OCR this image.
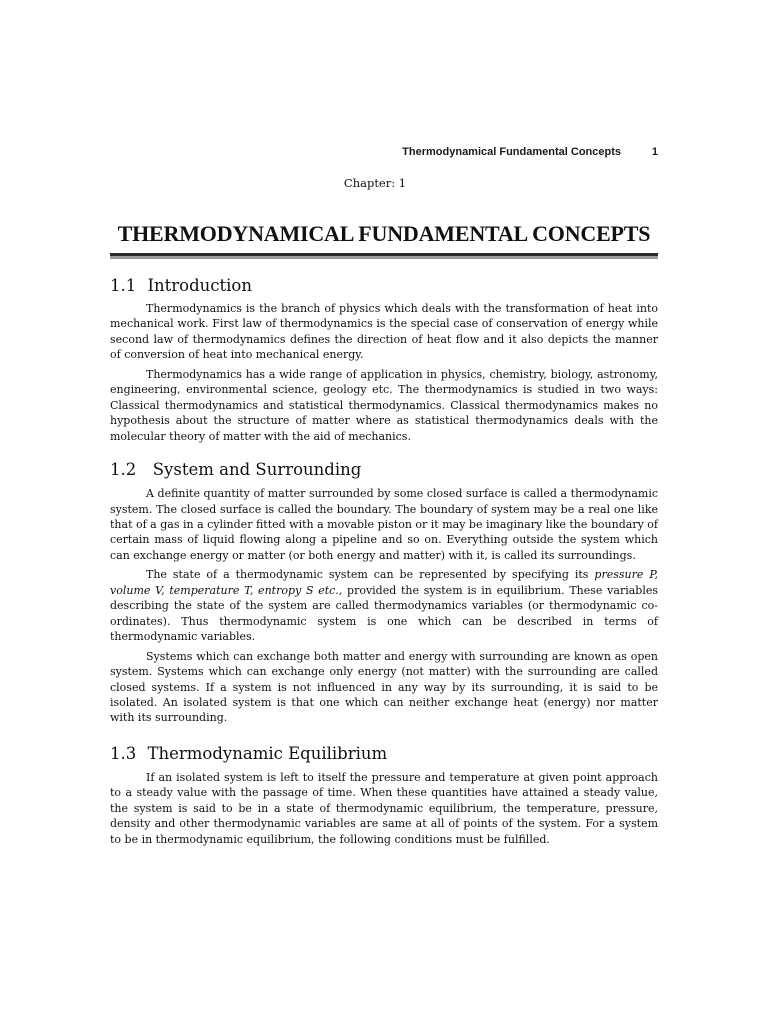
Thermodynamical Fundamental Concepts	1
Chapter: 1
THERMODYNAMICAL FUNDAMENTAL CONCEPTS
1.1 Introduction

Thermodynamics is the branch of physics which deals with the transformation of heat into mechanical work. First law of thermodynamics is the special case of conservation of energy while second law of thermodynamics defines the direction of heat flow and it also depicts the manner of conversion of heat into mechanical energy.

Thermodynamics has a wide range of application in physics, chemistry, biology, astronomy, engineering, environmental science, geology etc. The thermodynamics is studied in two ways: Classical thermodynamics and statistical thermodynamics. Classical thermodynamics makes no hypothesis about the structure of matter where as statistical thermodynamics deals with the molecular theory of matter with the aid of mechanics.

1.2 System and Surrounding

A definite quantity of matter surrounded by some closed surface is called a thermodynamic system. The closed surface is called the boundary. The boundary of system may be a real one like that of a gas in a cylinder fitted with a movable piston or it may be imaginary like the boundary of certain mass of liquid flowing along a pipeline and so on. Everything outside the system which can exchange energy or matter (or both energy and matter) with it, is called its surroundings.

The state of a thermodynamic system can be represented by specifying its pressure P, volume V, temperature T, entropy S etc., provided the system is in equilibrium. These variables describing the state of the system are called thermodynamics variables (or thermodynamic co-ordinates). Thus thermodynamic system is one which can be described in terms of thermodynamic variables.

Systems which can exchange both matter and energy with surrounding are known as open system. Systems which can exchange only energy (not matter) with the surrounding are called closed systems. If a system is not influenced in any way by its surrounding, it is said to be isolated. An isolated system is that one which can neither exchange heat (energy) nor matter with its surrounding.

1.3 Thermodynamic Equilibrium

If an isolated system is left to itself the pressure and temperature at given point approach to a steady value with the passage of time. When these quantities have attained a steady value, the system is said to be in a state of thermodynamic equilibrium, the temperature, pressure, density and other thermodynamic variables are same at all of points of the system. For a system to be in thermodynamic equilibrium, the following conditions must be fulfilled.
